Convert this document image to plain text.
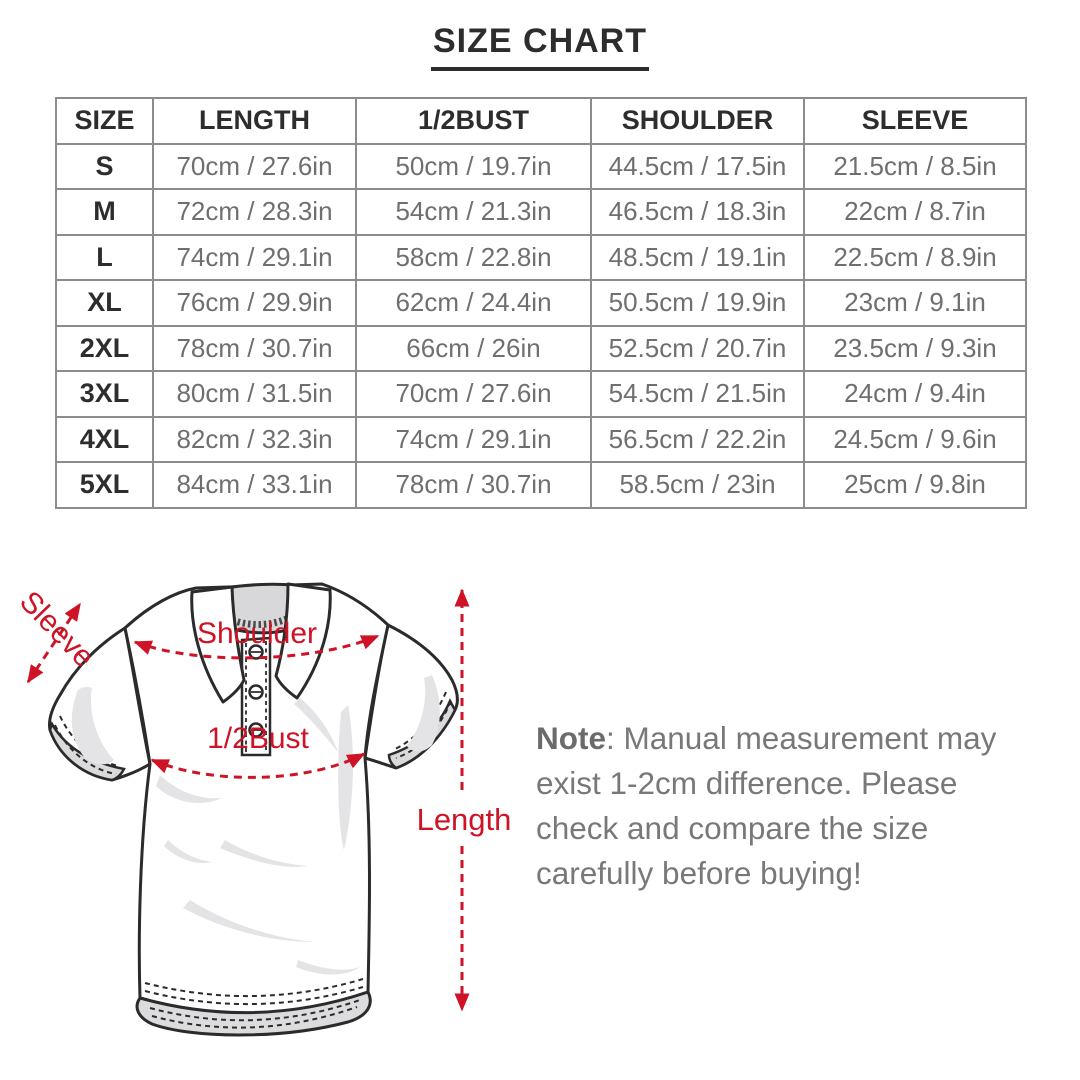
SIZE CHART
SIZE	LENGTH	1/2BUST	SHOULDER	SLEEVE
S	70cm / 27.6in	50cm / 19.7in	44.5cm / 17.5in	21.5cm / 8.5in
M	72cm / 28.3in	54cm / 21.3in	46.5cm / 18.3in	22cm / 8.7in
L	74cm / 29.1in	58cm / 22.8in	48.5cm / 19.1in	22.5cm / 8.9in
XL	76cm / 29.9in	62cm / 24.4in	50.5cm / 19.9in	23cm / 9.1in
2XL	78cm / 30.7in	66cm / 26in	52.5cm / 20.7in	23.5cm / 9.3in
3XL	80cm / 31.5in	70cm / 27.6in	54.5cm / 21.5in	24cm / 9.4in
4XL	82cm / 32.3in	74cm / 29.1in	56.5cm / 22.2in	24.5cm / 9.6in
5XL	84cm / 33.1in	78cm / 30.7in	58.5cm / 23in	25cm / 9.8in
Shoulder
1/2Bust
Sleeve
Length
Note: Manual measurement may
exist 1-2cm difference. Please
check and compare the size
carefully before buying!
